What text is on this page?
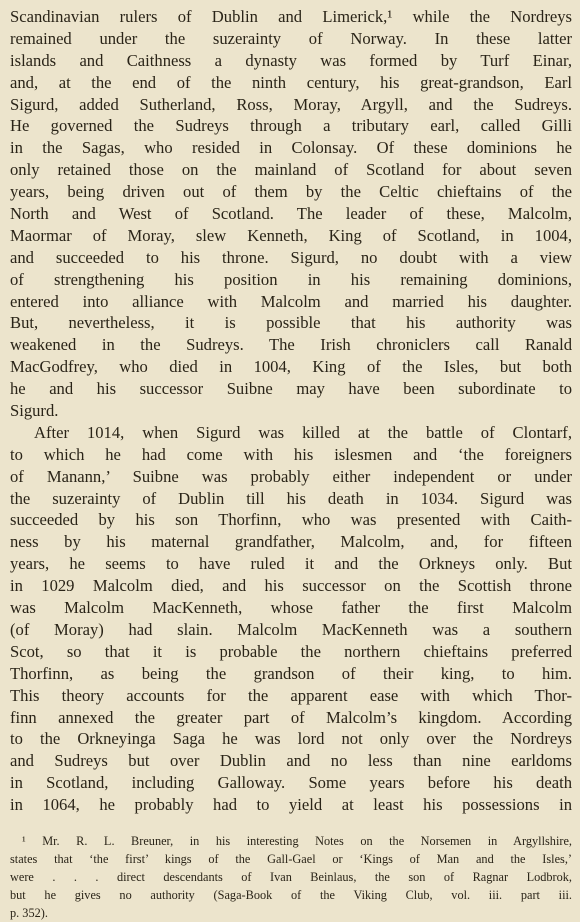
Scandinavian rulers of Dublin and Limerick,¹ while the Nordreys
remained under the suzerainty of Norway. In these latter
islands and Caithness a dynasty was formed by Turf Einar,
and, at the end of the ninth century, his great-grandson, Earl
Sigurd, added Sutherland, Ross, Moray, Argyll, and the Sudreys.
He governed the Sudreys through a tributary earl, called Gilli
in the Sagas, who resided in Colonsay. Of these dominions he
only retained those on the mainland of Scotland for about seven
years, being driven out of them by the Celtic chieftains of the
North and West of Scotland. The leader of these, Malcolm,
Maormar of Moray, slew Kenneth, King of Scotland, in 1004,
and succeeded to his throne. Sigurd, no doubt with a view
of strengthening his position in his remaining dominions,
entered into alliance with Malcolm and married his daughter.
But, nevertheless, it is possible that his authority was
weakened in the Sudreys. The Irish chroniclers call Ranald
MacGodfrey, who died in 1004, King of the Isles, but both
he and his successor Suibne may have been subordinate to
Sigurd.
After 1014, when Sigurd was killed at the battle of Clontarf,
to which he had come with his islesmen and ‘the foreigners
of Manann,’ Suibne was probably either independent or under
the suzerainty of Dublin till his death in 1034. Sigurd was
succeeded by his son Thorfinn, who was presented with Caith-
ness by his maternal grandfather, Malcolm, and, for fifteen
years, he seems to have ruled it and the Orkneys only. But
in 1029 Malcolm died, and his successor on the Scottish throne
was Malcolm MacKenneth, whose father the first Malcolm
(of Moray) had slain. Malcolm MacKenneth was a southern
Scot, so that it is probable the northern chieftains preferred
Thorfinn, as being the grandson of their king, to him.
This theory accounts for the apparent ease with which Thor-
finn annexed the greater part of Malcolm’s kingdom. According
to the Orkneyinga Saga he was lord not only over the Nordreys
and Sudreys but over Dublin and no less than nine earldoms
in Scotland, including Galloway. Some years before his death
in 1064, he probably had to yield at least his possessions in
¹ Mr. R. L. Breuner, in his interesting Notes on the Norsemen in Argyllshire,
states that ‘the first’ kings of the Gall-Gael or ‘Kings of Man and the Isles,’
were . . . direct descendants of Ivan Beinlaus, the son of Ragnar Lodbrok,
but he gives no authority (Saga-Book of the Viking Club, vol. iii. part iii.
p. 352).
